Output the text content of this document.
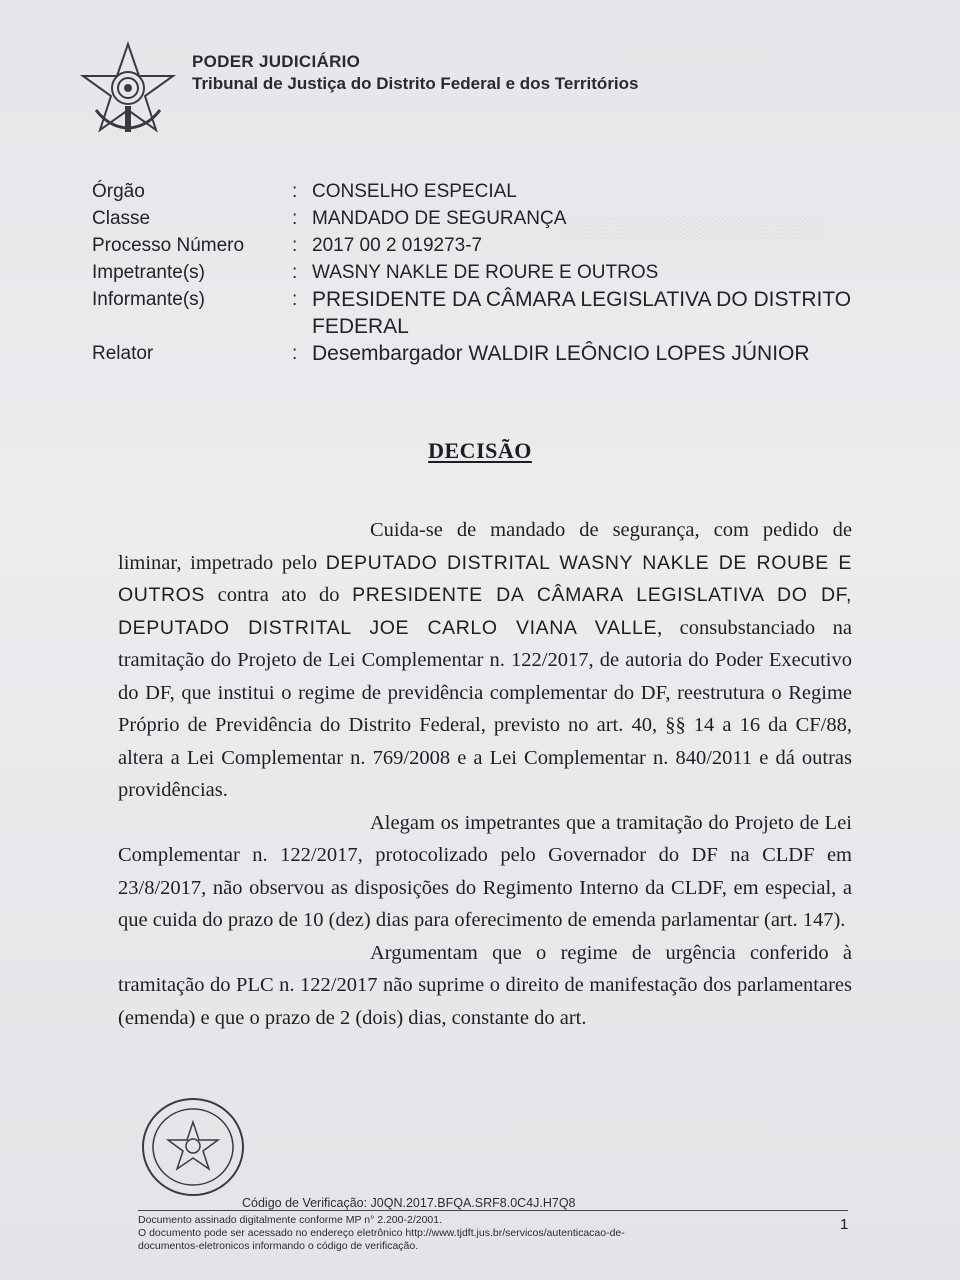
░░░░░░░░░░░░░░░░░
PODER JUDICIÁRIO
Tribunal de Justiça do Distrito Federal e dos Territórios
Órgão	: CONSELHO ESPECIAL
Classe	: MANDADO DE SEGURANÇA
Processo Número	: 2017 00 2 019273-7
Impetrante(s)	: WASNY NAKLE DE ROURE E OUTROS
Informante(s)	: PRESIDENTE DA CÂMARA LEGISLATIVA DO DISTRITO FEDERAL
Relator	: Desembargador WALDIR LEÔNCIO LOPES JÚNIOR
DECISÃO

Cuida-se de mandado de segurança, com pedido de liminar, impetrado pelo DEPUTADO DISTRITAL WASNY NAKLE DE ROUBE E OUTROS contra ato do PRESIDENTE DA CÂMARA LEGISLATIVA DO DF, DEPUTADO DISTRITAL JOE CARLO VIANA VALLE, consubstanciado na tramitação do Projeto de Lei Complementar n. 122/2017, de autoria do Poder Executivo do DF, que institui o regime de previdência complementar do DF, reestrutura o Regime Próprio de Previdência do Distrito Federal, previsto no art. 40, §§ 14 a 16 da CF/88, altera a Lei Complementar n. 769/2008 e a Lei Complementar n. 840/2011 e dá outras providências.

Alegam os impetrantes que a tramitação do Projeto de Lei Complementar n. 122/2017, protocolizado pelo Governador do DF na CLDF em 23/8/2017, não observou as disposições do Regimento Interno da CLDF, em especial, a que cuida do prazo de 10 (dez) dias para oferecimento de emenda parlamentar (art. 147).

Argumentam que o regime de urgência conferido à tramitação do PLC n. 122/2017 não suprime o direito de manifestação dos parlamentares (emenda) e que o prazo de 2 (dois) dias, constante do art.

Código de Verificação: J0QN.2017.BFQA.SRF8.0C4J.H7Q8
Documento assinado digitalmente conforme MP n° 2.200-2/2001.
O documento pode ser acessado no endereço eletrônico http://www.tjdft.jus.br/servicos/autenticacao-de-
documentos-eletronicos informando o código de verificação.
1
